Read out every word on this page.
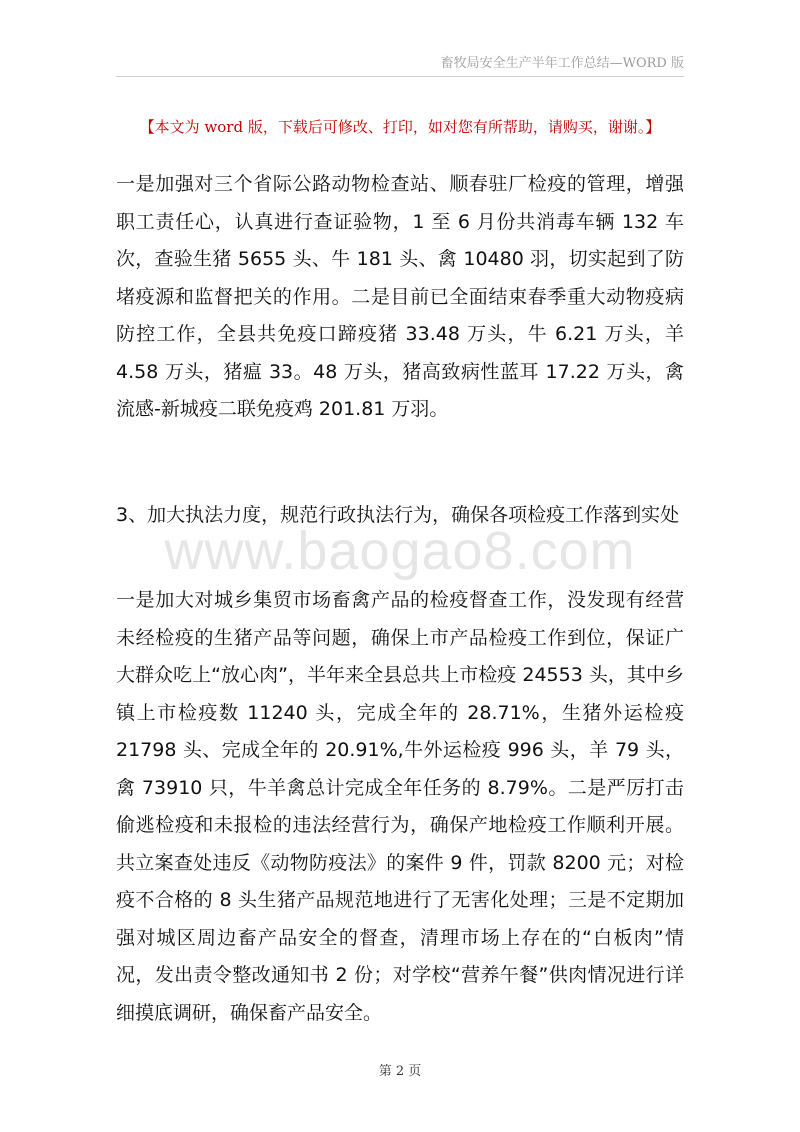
畜牧局安全生产半年工作总结—WORD 版
【本文为 word 版，下载后可修改、打印，如对您有所帮助，请购买，谢谢。】

一是加强对三个省际公路动物检查站、顺春驻厂检疫的管理，增强职工责任心，认真进行查证验物，1 至 6 月份共消毒车辆 132 车次，查验生猪 5655 头、牛 181 头、禽 10480 羽，切实起到了防堵疫源和监督把关的作用。二是目前已全面结束春季重大动物疫病防控工作，全县共免疫口蹄疫猪 33.48 万头，牛 6.21 万头，羊 4.58 万头，猪瘟 33。48 万头，猪高致病性蓝耳 17.22 万头，禽流感-新城疫二联免疫鸡 201.81 万羽。

3、加大执法力度，规范行政执法行为，确保各项检疫工作落到实处

www.baogao8.com

一是加大对城乡集贸市场畜禽产品的检疫督查工作，没发现有经营未经检疫的生猪产品等问题，确保上市产品检疫工作到位，保证广大群众吃上“放心肉”，半年来全县总共上市检疫 24553 头，其中乡镇上市检疫数 11240 头，完成全年的 28.71%，生猪外运检疫 21798 头、完成全年的 20.91%,牛外运检疫 996 头，羊 79 头，禽 73910 只，牛羊禽总计完成全年任务的 8.79%。二是严厉打击偷逃检疫和未报检的违法经营行为，确保产地检疫工作顺利开展。共立案查处违反《动物防疫法》的案件 9 件，罚款 8200 元；对检疫不合格的 8 头生猪产品规范地进行了无害化处理；三是不定期加强对城区周边畜产品安全的督查，清理市场上存在的“白板肉”情况，发出责令整改通知书 2 份；对学校“营养午餐”供肉情况进行详细摸底调研，确保畜产品安全。

第 2 页
